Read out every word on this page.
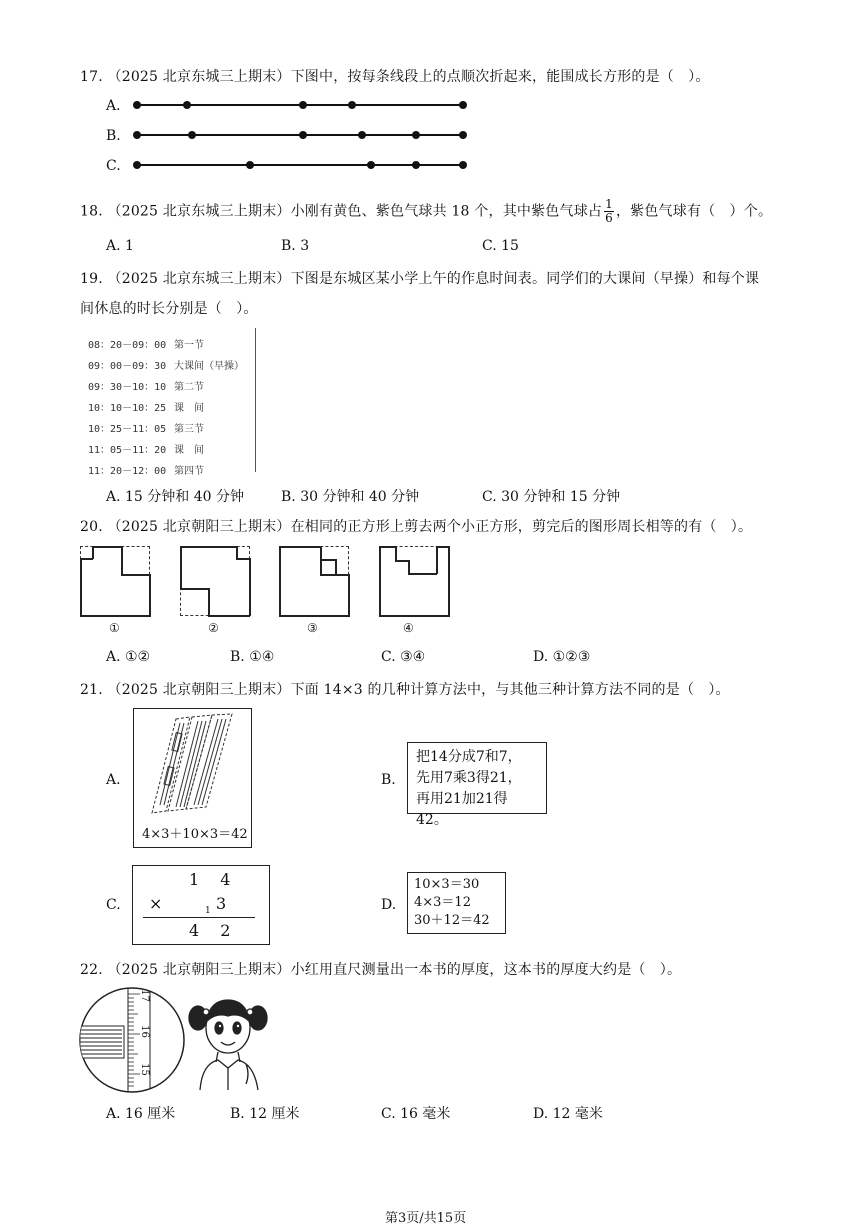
17. （2025 北京东城三上期末）下图中，按每条线段上的点顺次折起来，能围成长方形的是（　）。
A.
B.
C.
18. （2025 北京东城三上期末）小刚有黄色、紫色气球共 18 个，其中紫色气球占 $\frac{1}{6}$ ，紫色气球有（　）个。
A. 1	B. 3	C. 15
19. （2025 北京东城三上期末）下图是东城区某小学上午的作息时间表。同学们的大课间（早操）和每个课
间休息的时长分别是（　）。
08：20－09：00 第一节
09：00－09：30 大课间（早操）
09：30－10：10 第二节
10：10－10：25 课　间
10：25－11：05 第三节
11：05－11：20 课　间
11：20－12：00 第四节
A. 15 分钟和 40 分钟	B. 30 分钟和 40 分钟	C. 30 分钟和 15 分钟
20. （2025 北京朝阳三上期末）在相同的正方形上剪去两个小正方形，剪完后的图形周长相等的有（　）。
①	②	③	④
A. ①②	B. ①④	C. ③④	D. ①②③
21. （2025 北京朝阳三上期末）下面 14×3 的几种计算方法中，与其他三种计算方法不同的是（　）。
A.
4×3＋10×3＝42
B.
把14分成7和7，
先用7乘3得21，
再用21加21得42。
C.
1 4
×	1 3
4 2
D.
10×3＝30
4×3＝12
30＋12＝42
22. （2025 北京朝阳三上期末）小红用直尺测量出一本书的厚度，这本书的厚度大约是（　）。
17
16
15
A. 16 厘米	B. 12 厘米	C. 16 毫米	D. 12 毫米
第3页/共15页
